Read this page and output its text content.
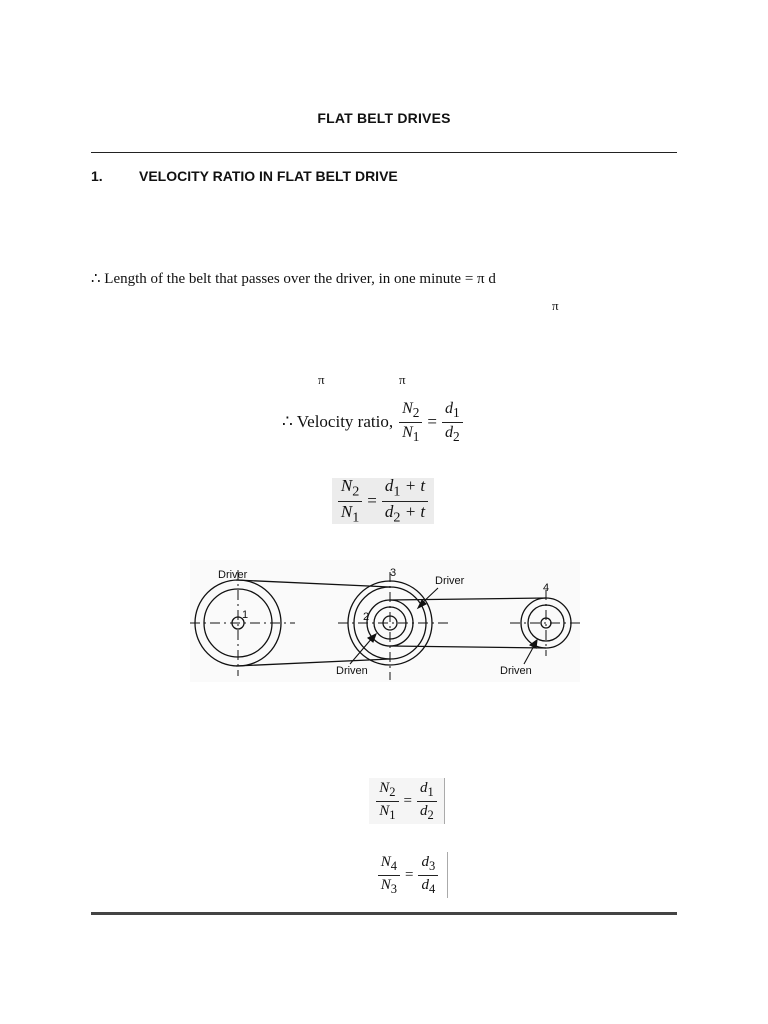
FLAT BELT DRIVES
1.	VELOCITY RATIO IN FLAT BELT DRIVE
∴ Length of the belt that passes over the driver, in one minute = π d
π
π	π
∴ Velocity ratio, $\frac{N_2}{N_1} = \frac{d_1}{d_2}$
$\frac{N_2}{N_1} = \frac{d_1 + t}{d_2 + t}$
Driver
1
3
Driver
2
4
Driven	Driven
$\frac{N_2}{N_1} = \frac{d_1}{d_2}$
$\frac{N_4}{N_3} = \frac{d_3}{d_4}$
